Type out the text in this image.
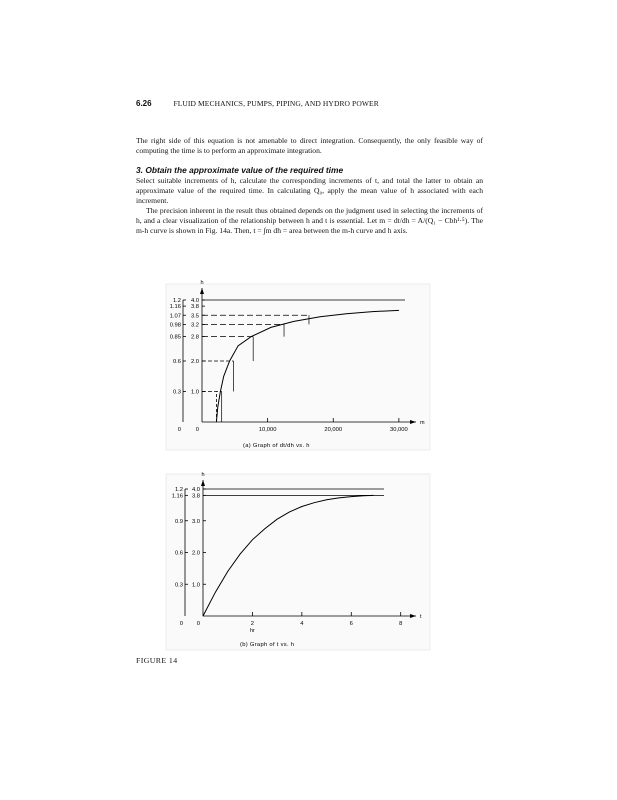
6.26	FLUID MECHANICS, PUMPS, PIPING, AND HYDRO POWER
The right side of this equation is not amenable to direct integration. Consequently, the only feasible way of computing the time is to perform an approximate integration.
3. Obtain the approximate value of the required time
Select suitable increments of h, calculate the corresponding increments of t, and total the latter to obtain an approximate value of the required time. In calculating Q₀, apply the mean value of h associated with each increment.
The precision inherent in the result thus obtained depends on the judgment used in selecting the increments of h, and a clear visualization of the relationship between h and t is essential. Let m = dt/dh = A/(Q₁ − Cbh¹·⁵). The m-h curve is shown in Fig. 14a. Then, t = ∫m dh = area between the m-h curve and h axis.
h
m
0
1.0
2.0
2.8
3.2
3.5
3.8
4.0
0
0.3
0.6
0.85
0.98
1.07
1.16
1.2
10,000	20,000	30,000
(a) Graph of dt/dh vs. h
h
t
0
1.0
2.0
3.0
3.8
4.0
0
0.3
0.6
0.9
1.16
1.2
2	4	6	8
hr
(b) Graph of t vs. h
FIGURE 14
